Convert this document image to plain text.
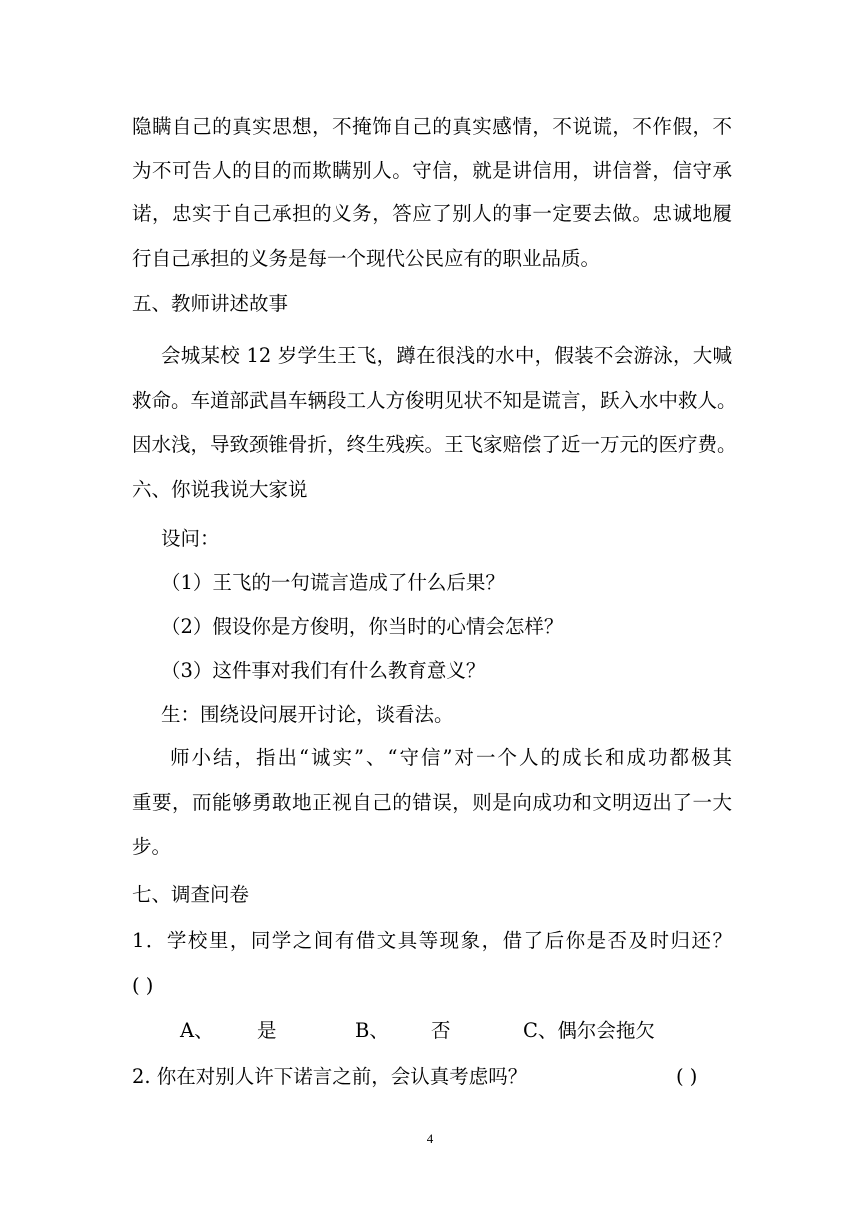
隐瞒自己的真实思想，不掩饰自己的真实感情，不说谎，不作假，不
为不可告人的目的而欺瞒别人。守信，就是讲信用，讲信誉，信守承
诺，忠实于自己承担的义务，答应了别人的事一定要去做。忠诚地履
行自己承担的义务是每一个现代公民应有的职业品质。
五、教师讲述故事
会城某校 12 岁学生王飞，蹲在很浅的水中，假装不会游泳，大喊
救命。车道部武昌车辆段工人方俊明见状不知是谎言，跃入水中救人。
因水浅，导致颈锥骨折，终生残疾。王飞家赔偿了近一万元的医疗费。
六、你说我说大家说
设问：
（1）王飞的一句谎言造成了什么后果？
（2）假设你是方俊明，你当时的心情会怎样？
（3）这件事对我们有什么教育意义？
生：围绕设问展开讨论，谈看法。
师小结，指出“诚实”、“守信”对一个人的成长和成功都极其
重要，而能够勇敢地正视自己的错误，则是向成功和文明迈出了一大
步。
七、调查问卷
1．学校里，同学之间有借文具等现象，借了后你是否及时归还？
( )
A、 是	B、 否	C、偶尔会拖欠
2. 你在对别人许下诺言之前，会认真考虑吗？	( )
4
